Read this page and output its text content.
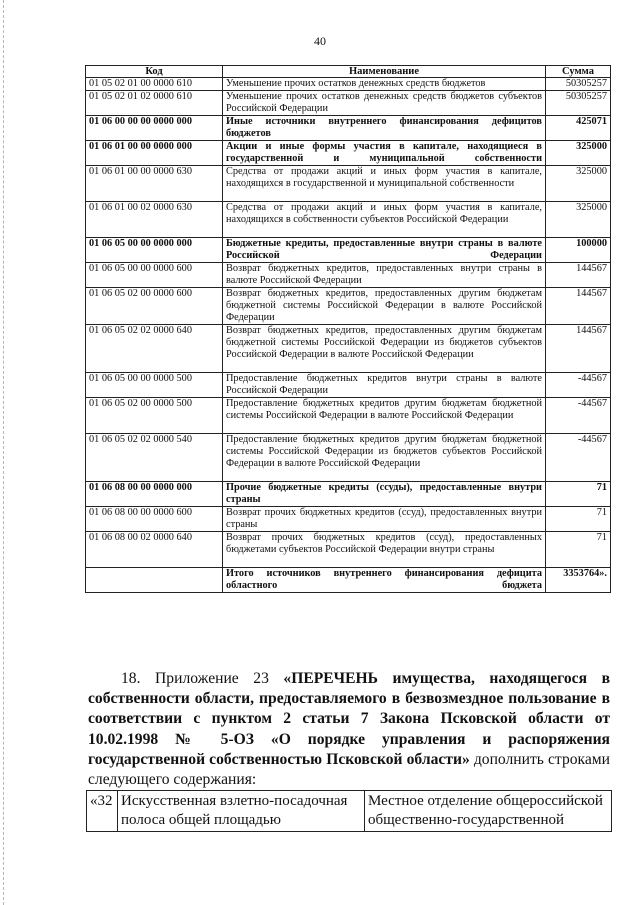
40
Код	Наименование	Сумма
01 05 02 01 00 0000 610	Уменьшение прочих остатков денежных средств бюджетов	50305257
01 05 02 01 02 0000 610	Уменьшение прочих остатков денежных средств бюджетов субъектов Российской Федерации	50305257
01 06 00 00 00 0000 000	Иные источники внутреннего финансирования дефицитов бюджетов	425071
01 06 01 00 00 0000 000	Акции и иные формы участия в капитале, находящиеся в государственной и муниципальной собственности	325000
01 06 01 00 00 0000 630	Средства от продажи акций и иных форм участия в капитале, находящихся в государственной и муниципальной собственности	325000
01 06 01 00 02 0000 630	Средства от продажи акций и иных форм участия в капитале, находящихся в собственности субъектов Российской Федерации	325000
01 06 05 00 00 0000 000	Бюджетные кредиты, предоставленные внутри страны в валюте Российской Федерации	100000
01 06 05 00 00 0000 600	Возврат бюджетных кредитов, предоставленных внутри страны в валюте Российской Федерации	144567
01 06 05 02 00 0000 600	Возврат бюджетных кредитов, предоставленных другим бюджетам бюджетной системы Российской Федерации в валюте Российской Федерации	144567
01 06 05 02 02 0000 640	Возврат бюджетных кредитов, предоставленных другим бюджетам бюджетной системы Российской Федерации из бюджетов субъектов Российской Федерации в валюте Российской Федерации	144567
01 06 05 00 00 0000 500	Предоставление бюджетных кредитов внутри страны в валюте Российской Федерации	-44567
01 06 05 02 00 0000 500	Предоставление бюджетных кредитов другим бюджетам бюджетной системы Российской Федерации в валюте Российской Федерации	-44567
01 06 05 02 02 0000 540	Предоставление бюджетных кредитов другим бюджетам бюджетной системы Российской Федерации из бюджетов субъектов Российской Федерации в валюте Российской Федерации	-44567
01 06 08 00 00 0000 000	Прочие бюджетные кредиты (ссуды), предоставленные внутри страны	71
01 06 08 00 00 0000 600	Возврат прочих бюджетных кредитов (ссуд), предоставленных внутри страны	71
01 06 08 00 02 0000 640	Возврат прочих бюджетных кредитов (ссуд), предоставленных бюджетами субъектов Российской Федерации внутри страны	71
	Итого источников внутреннего финансирования дефицита областного бюджета	3353764».
18. Приложение 23 «ПЕРЕЧЕНЬ имущества, находящегося в собственности области, предоставляемого в безвозмездное пользование в соответствии с пунктом 2 статьи 7 Закона Псковской области от 10.02.1998 № 5-ОЗ «О порядке управления и распоряжения государственной собственностью Псковской области» дополнить строками следующего содержания:
«32	Искусственная взлетно-посадочная полоса общей площадью	Местное отделение общероссийской общественно-государственной
